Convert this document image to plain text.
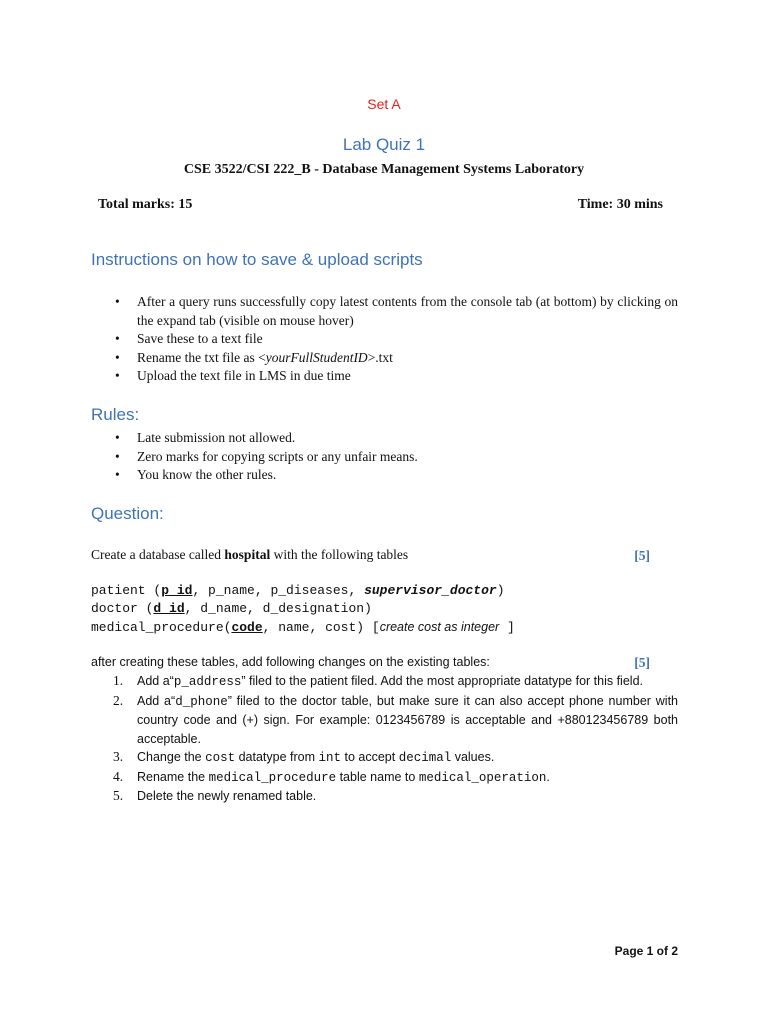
Set A
Lab Quiz 1
CSE 3522/CSI 222_B - Database Management Systems Laboratory
Total marks: 15	Time: 30 mins
Instructions on how to save & upload scripts
• After a query runs successfully copy latest contents from the console tab (at bottom) by clicking on the expand tab (visible on mouse hover)
• Save these to a text file
• Rename the txt file as <yourFullStudentID>.txt
• Upload the text file in LMS in due time
Rules:
• Late submission not allowed.
• Zero marks for copying scripts or any unfair means.
• You know the other rules.
Question:
Create a database called hospital with the following tables	[5]
patient (p_id, p_name, p_diseases, supervisor_doctor)
doctor (d_id, d_name, d_designation)
medical_procedure(code, name, cost) [create cost as integer ]
after creating these tables, add following changes on the existing tables:	[5]
1. Add a“p_address” filed to the patient filed. Add the most appropriate datatype for this field.
2. Add a“d_phone” filed to the doctor table, but make sure it can also accept phone number with country code and (+) sign. For example: 0123456789 is acceptable and +880123456789 both acceptable.
3. Change the cost datatype from int to accept decimal values.
4. Rename the medical_procedure table name to medical_operation.
5. Delete the newly renamed table.
Page 1 of 2
